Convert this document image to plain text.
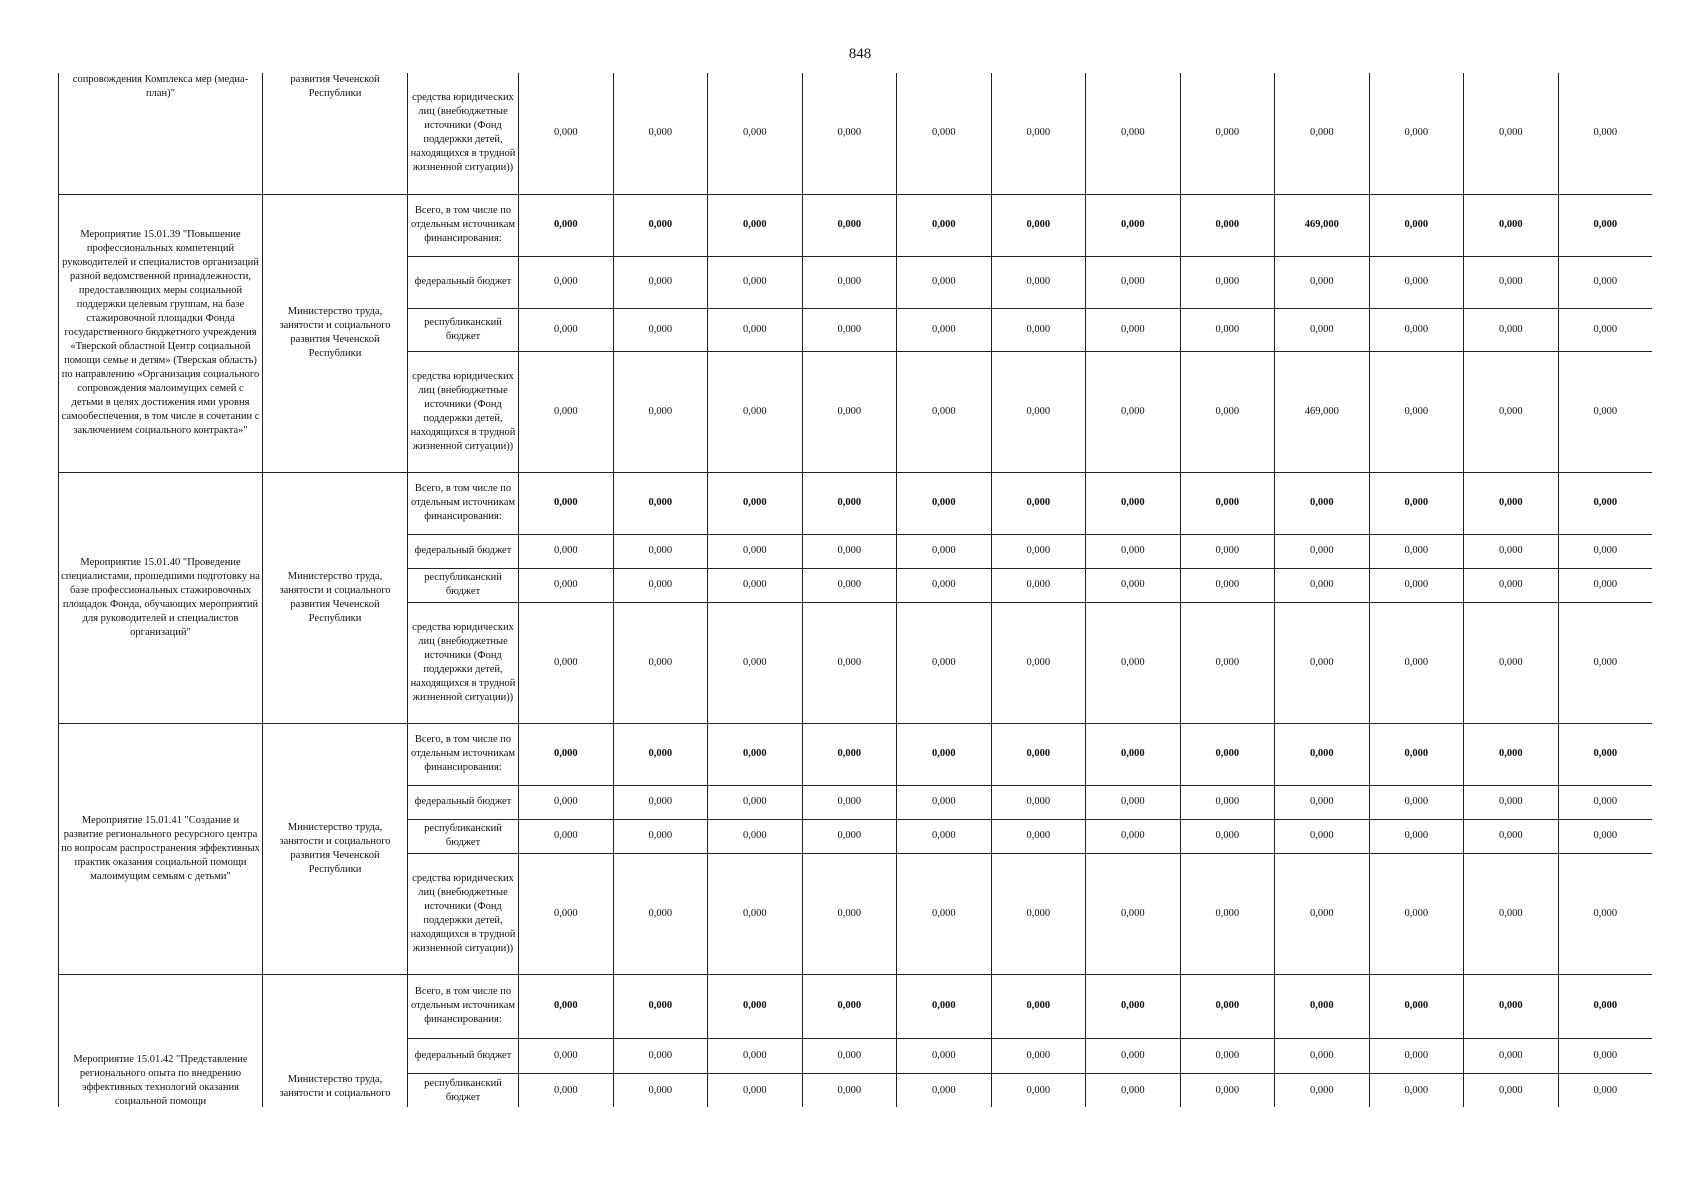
848
сопровождения Комплекса мер (медиа-план)"	развития Чеченской Республики	средства юридических лиц (внебюджетные источники (Фонд поддержки детей, находящихся в трудной жизненной ситуации))	0,000	0,000	0,000	0,000	0,000	0,000	0,000	0,000	0,000	0,000	0,000	0,000
Мероприятие 15.01.39 "Повышение профессиональных компетенций руководителей и специалистов организаций разной ведомственной принадлежности, предоставляющих меры социальной поддержки целевым группам, на базе стажировочной площадки Фонда государственного бюджетного учреждения «Тверской областной Центр социальной помощи семье и детям» (Тверская область) по направлению «Организация социального сопровождения малоимущих семей с детьми в целях достижения ими уровня самообеспечения, в том числе в сочетании с заключением социального контракта»"	Министерство труда, занятости и социального развития Чеченской Республики	Всего, в том числе по отдельным источникам финансирования:	0,000	0,000	0,000	0,000	0,000	0,000	0,000	0,000	469,000	0,000	0,000	0,000
		федеральный бюджет	0,000	0,000	0,000	0,000	0,000	0,000	0,000	0,000	0,000	0,000	0,000	0,000
		республиканский бюджет	0,000	0,000	0,000	0,000	0,000	0,000	0,000	0,000	0,000	0,000	0,000	0,000
		средства юридических лиц (внебюджетные источники (Фонд поддержки детей, находящихся в трудной жизненной ситуации))	0,000	0,000	0,000	0,000	0,000	0,000	0,000	0,000	469,000	0,000	0,000	0,000
Мероприятие 15.01.40 "Проведение специалистами, прошедшими подготовку на базе профессиональных стажировочных площадок Фонда, обучающих мероприятий для руководителей и специалистов организаций"	Министерство труда, занятости и социального развития Чеченской Республики	Всего, в том числе по отдельным источникам финансирования:	0,000	0,000	0,000	0,000	0,000	0,000	0,000	0,000	0,000	0,000	0,000	0,000
		федеральный бюджет	0,000	0,000	0,000	0,000	0,000	0,000	0,000	0,000	0,000	0,000	0,000	0,000
		республиканский бюджет	0,000	0,000	0,000	0,000	0,000	0,000	0,000	0,000	0,000	0,000	0,000	0,000
		средства юридических лиц (внебюджетные источники (Фонд поддержки детей, находящихся в трудной жизненной ситуации))	0,000	0,000	0,000	0,000	0,000	0,000	0,000	0,000	0,000	0,000	0,000	0,000
Мероприятие 15.01.41 "Создание и развитие регионального ресурсного центра по вопросам распространения эффективных практик оказания социальной помощи малоимущим семьям с детьми"	Министерство труда, занятости и социального развития Чеченской Республики	Всего, в том числе по отдельным источникам финансирования:	0,000	0,000	0,000	0,000	0,000	0,000	0,000	0,000	0,000	0,000	0,000	0,000
		федеральный бюджет	0,000	0,000	0,000	0,000	0,000	0,000	0,000	0,000	0,000	0,000	0,000	0,000
		республиканский бюджет	0,000	0,000	0,000	0,000	0,000	0,000	0,000	0,000	0,000	0,000	0,000	0,000
		средства юридических лиц (внебюджетные источники (Фонд поддержки детей, находящихся в трудной жизненной ситуации))	0,000	0,000	0,000	0,000	0,000	0,000	0,000	0,000	0,000	0,000	0,000	0,000
Мероприятие 15.01.42 "Представление регионального опыта по внедрению эффективных технологий оказания социальной помощи	Министерство труда, занятости и социального	Всего, в том числе по отдельным источникам финансирования:	0,000	0,000	0,000	0,000	0,000	0,000	0,000	0,000	0,000	0,000	0,000	0,000
		федеральный бюджет	0,000	0,000	0,000	0,000	0,000	0,000	0,000	0,000	0,000	0,000	0,000	0,000
		республиканский бюджет	0,000	0,000	0,000	0,000	0,000	0,000	0,000	0,000	0,000	0,000	0,000	0,000
